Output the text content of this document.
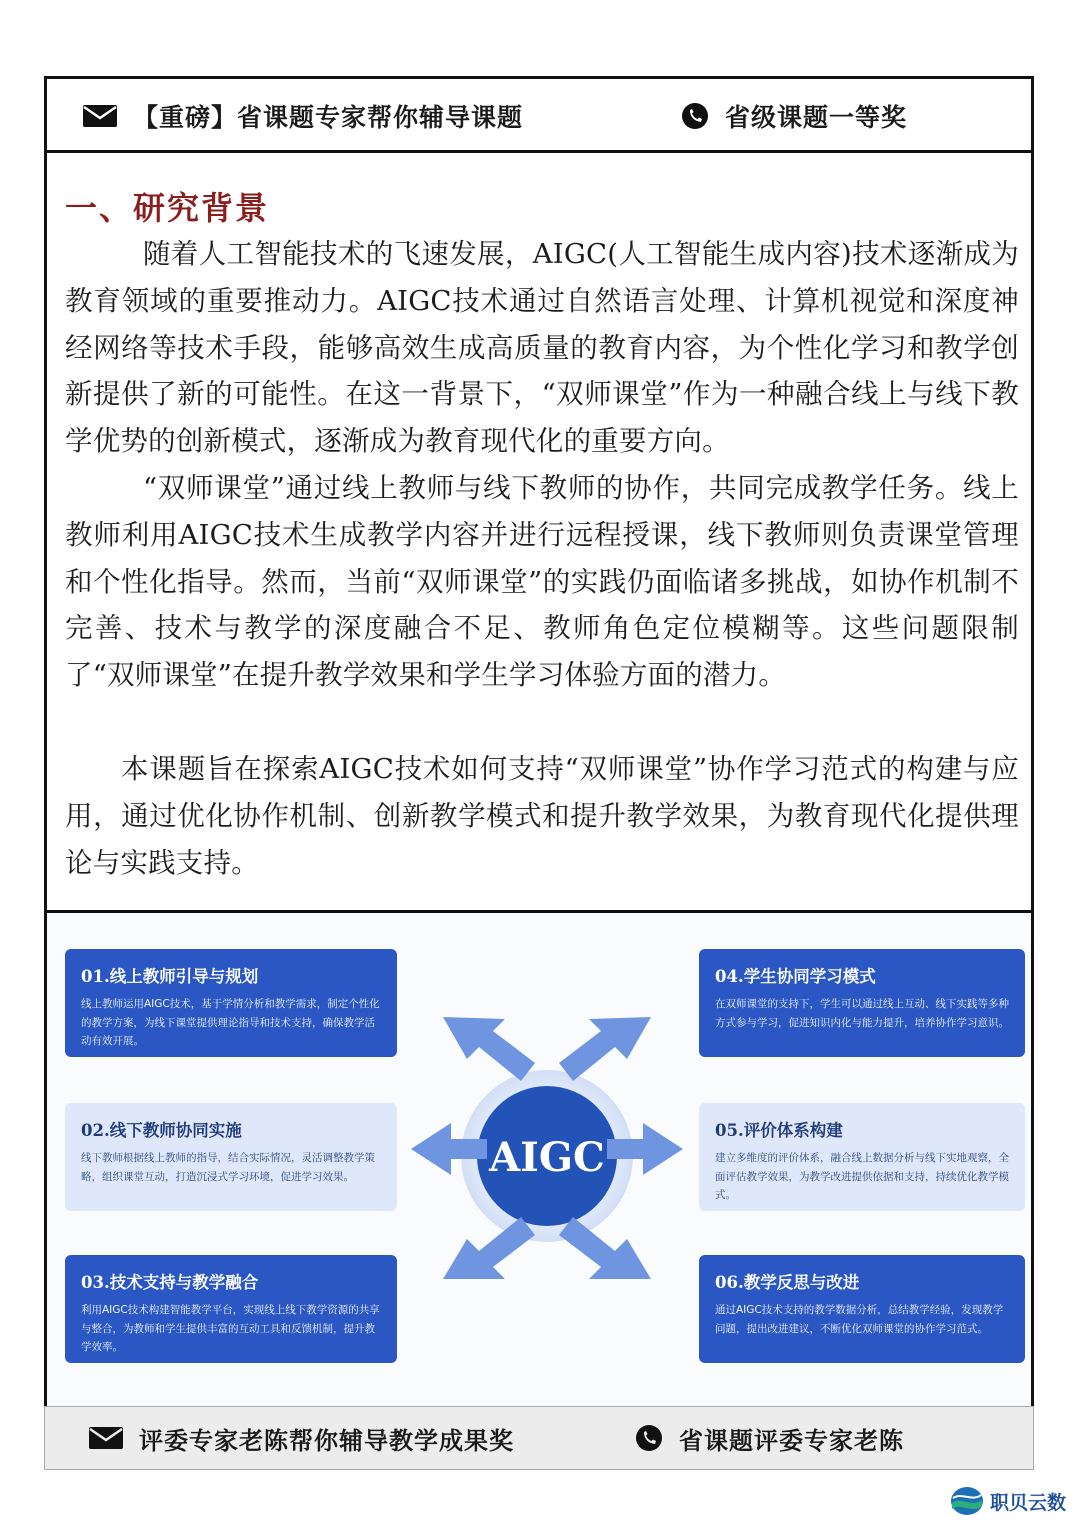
【重磅】省课题专家帮你辅导课题	省级课题一等奖
一、研究背景

随着人工智能技术的飞速发展，AIGC(人工智能生成内容)技术逐渐成为教育领域的重要推动力。AIGC技术通过自然语言处理、计算机视觉和深度神经网络等技术手段，能够高效生成高质量的教育内容，为个性化学习和教学创新提供了新的可能性。在这一背景下，“双师课堂”作为一种融合线上与线下教学优势的创新模式，逐渐成为教育现代化的重要方向。

“双师课堂”通过线上教师与线下教师的协作，共同完成教学任务。线上教师利用AIGC技术生成教学内容并进行远程授课，线下教师则负责课堂管理和个性化指导。然而，当前“双师课堂”的实践仍面临诸多挑战，如协作机制不完善、技术与教学的深度融合不足、教师角色定位模糊等。这些问题限制了“双师课堂”在提升教学效果和学生学习体验方面的潜力。

本课题旨在探索AIGC技术如何支持“双师课堂”协作学习范式的构建与应用，通过优化协作机制、创新教学模式和提升教学效果，为教育现代化提供理论与实践支持。

AIGC
01.线上教师引导与规划
线上教师运用AIGC技术，基于学情分析和教学需求，制定个性化的教学方案，为线下课堂提供理论指导和技术支持，确保教学活动有效开展。
02.线下教师协同实施
线下教师根据线上教师的指导，结合实际情况，灵活调整教学策略，组织课堂互动，打造沉浸式学习环境，促进学习效果。
03.技术支持与教学融合
利用AIGC技术构建智能教学平台，实现线上线下教学资源的共享与整合，为教师和学生提供丰富的互动工具和反馈机制，提升教学效率。
04.学生协同学习模式
在双师课堂的支持下，学生可以通过线上互动、线下实践等多种方式参与学习，促进知识内化与能力提升，培养协作学习意识。
05.评价体系构建
建立多维度的评价体系，融合线上数据分析与线下实地观察，全面评估教学效果，为教学改进提供依据和支持，持续优化教学模式。
06.教学反思与改进
通过AIGC技术支持的教学数据分析，总结教学经验，发现教学问题，提出改进建议，不断优化双师课堂的协作学习范式。
评委专家老陈帮你辅导教学成果奖	省课题评委专家老陈
职贝云数
